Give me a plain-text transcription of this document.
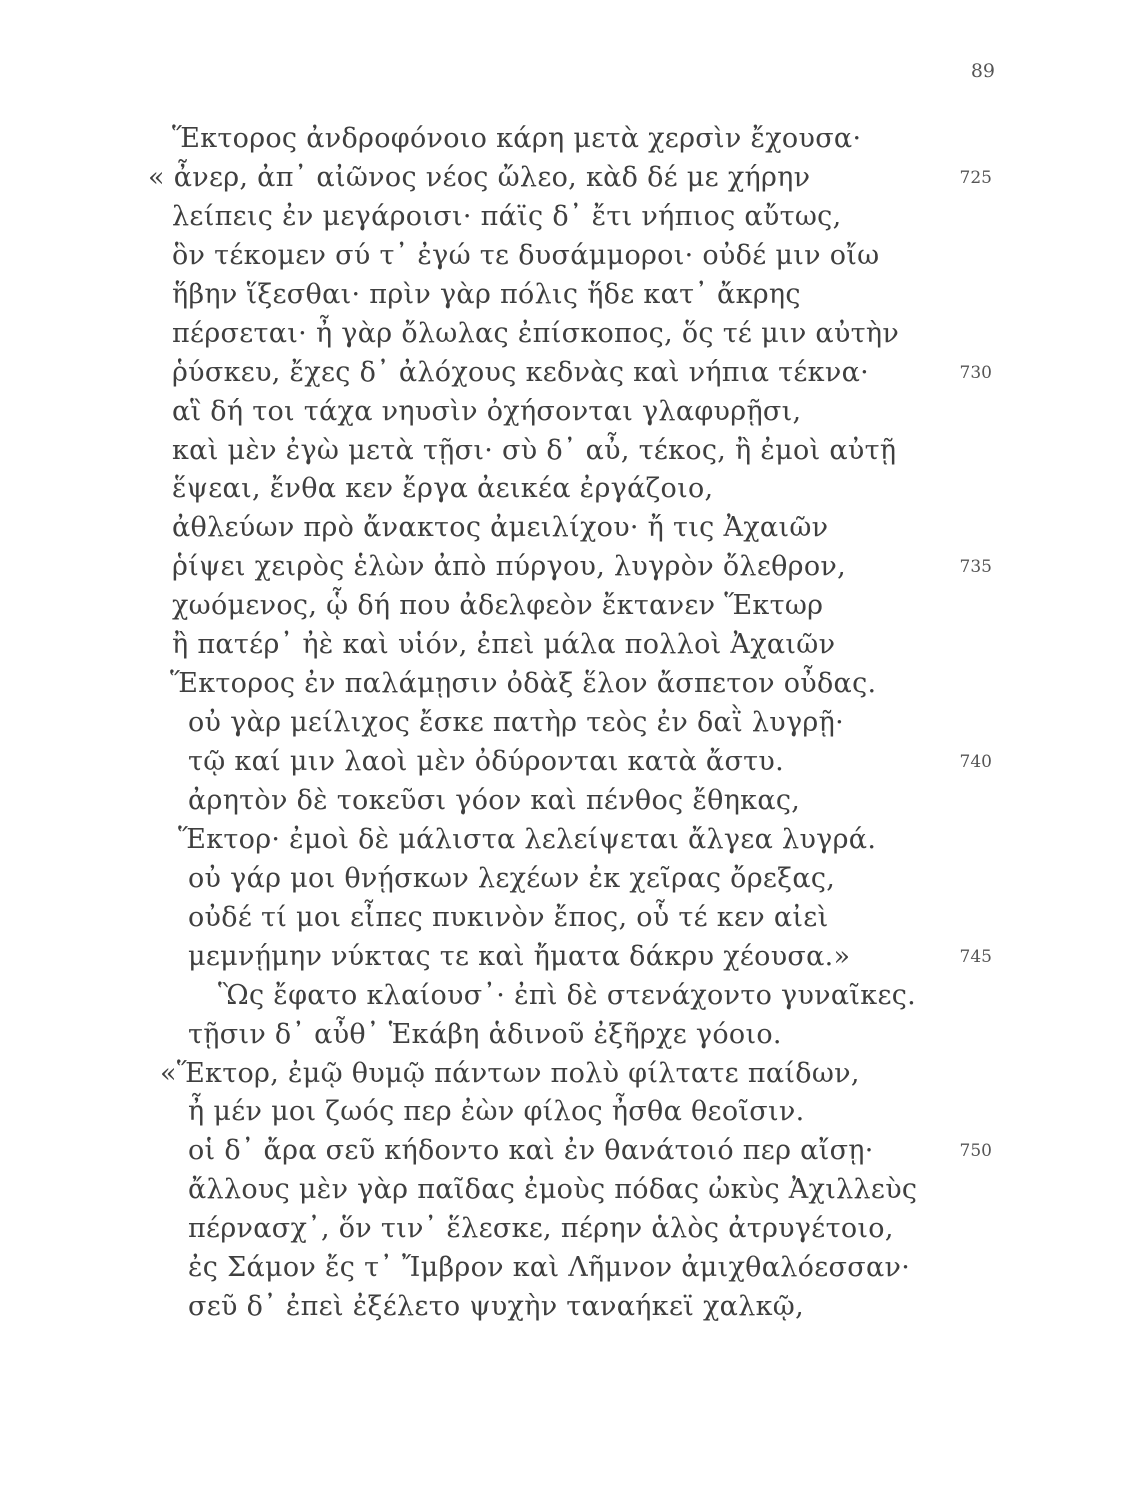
89
Ἕκτορος ἀνδροφόνοιο κάρη μετὰ χερσὶν ἔχουσα·
« ἆνερ, ἀπ᾽ αἰῶνος νέος ὤλεο, κὰδ δέ με χήρην	725
λείπεις ἐν μεγάροισι· πάϊς δ᾽ ἔτι νήπιος αὔτως,
ὃν τέκομεν σύ τ᾽ ἐγώ τε δυσάμμοροι· οὐδέ μιν οἴω
ἥβην ἵξεσθαι· πρὶν γὰρ πόλις ἥδε κατ᾽ ἄκρης
πέρσεται· ἦ γὰρ ὄλωλας ἐπίσκοπος, ὅς τέ μιν αὐτὴν
ῥύσκευ, ἔχες δ᾽ ἀλόχους κεδνὰς καὶ νήπια τέκνα·	730
αἳ δή τοι τάχα νηυσὶν ὀχήσονται γλαφυρῇσι,
καὶ μὲν ἐγὼ μετὰ τῇσι· σὺ δ᾽ αὖ, τέκος, ἢ ἐμοὶ αὐτῇ
ἕψεαι, ἔνθα κεν ἔργα ἀεικέα ἐργάζοιο,
ἀθλεύων πρὸ ἄνακτος ἀμειλίχου· ἤ τις Ἀχαιῶν
ῥίψει χειρὸς ἑλὼν ἀπὸ πύργου, λυγρὸν ὄλεθρον,	735
χωόμενος, ᾧ δή που ἀδελφεὸν ἔκτανεν Ἕκτωρ
ἢ πατέρ᾽ ἠὲ καὶ υἱόν, ἐπεὶ μάλα πολλοὶ Ἀχαιῶν
Ἕκτορος ἐν παλάμῃσιν ὀδὰξ ἕλον ἄσπετον οὖδας.
οὐ γὰρ μείλιχος ἔσκε πατὴρ τεὸς ἐν δαῒ λυγρῇ·
τῷ καί μιν λαοὶ μὲν ὀδύρονται κατὰ ἄστυ.	740
ἀρητὸν δὲ τοκεῦσι γόον καὶ πένθος ἔθηκας,
Ἕκτορ· ἐμοὶ δὲ μάλιστα λελείψεται ἄλγεα λυγρά.
οὐ γάρ μοι θνῄσκων λεχέων ἐκ χεῖρας ὄρεξας,
οὐδέ τί μοι εἶπες πυκινὸν ἔπος, οὗ τέ κεν αἰεὶ
μεμνῄμην νύκτας τε καὶ ἤματα δάκρυ χέουσα.»	745
Ὣς ἔφατο κλαίουσ᾽· ἐπὶ δὲ στενάχοντο γυναῖκες.
τῇσιν δ᾽ αὖθ᾽ Ἑκάβη ἁδινοῦ ἐξῆρχε γόοιο.
«Ἕκτορ, ἐμῷ θυμῷ πάντων πολὺ φίλτατε παίδων,
ἦ μέν μοι ζωός περ ἐὼν φίλος ἦσθα θεοῖσιν.
οἱ δ᾽ ἄρα σεῦ κήδοντο καὶ ἐν θανάτοιό περ αἴσῃ·	750
ἄλλους μὲν γὰρ παῖδας ἐμοὺς πόδας ὠκὺς Ἀχιλλεὺς
πέρνασχ᾽, ὅν τιν᾽ ἕλεσκε, πέρην ἁλὸς ἀτρυγέτοιο,
ἐς Σάμον ἔς τ᾽ Ἴμβρον καὶ Λῆμνον ἀμιχθαλόεσσαν·
σεῦ δ᾽ ἐπεὶ ἐξέλετο ψυχὴν ταναήκεϊ χαλκῷ,
